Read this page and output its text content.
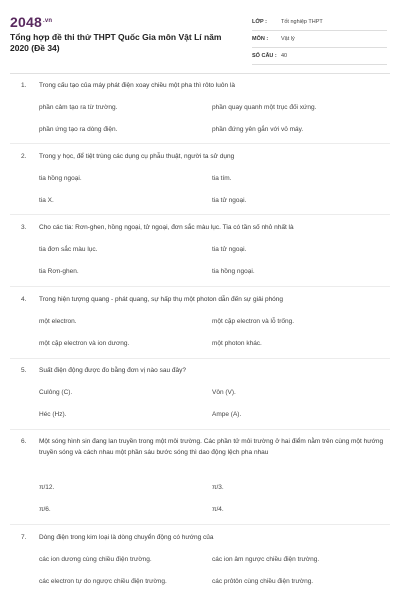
$2048^{.vn}$
Tổng hợp đề thi thử THPT Quốc Gia môn Vật Lí năm 2020 (Đề 34)
LỚP :	Tốt nghiệp THPT
MÔN :	Vật lý
SỐ CÂU : 40
1. Trong cấu tạo của máy phát điện xoay chiều một pha thì rôto luôn là
phần cảm tạo ra từ trường.	phần quay quanh một trục đối xứng.
phần ứng tạo ra dòng điện.	phần đứng yên gắn với vỏ máy.
2. Trong y học, để tiệt trùng các dụng cụ phẫu thuật, người ta sử dụng
tia hồng ngoại.	tia tím.
tia X.	tia tử ngoại.
3. Cho các tia: Rơn-ghen, hồng ngoại, tử ngoại, đơn sắc màu lục. Tia có tần số nhỏ nhất là
tia đơn sắc màu lục.	tia tử ngoại.
tia Rơn-ghen.	tia hồng ngoại.
4. Trong hiện tượng quang - phát quang, sự hấp thụ một photon dẫn đến sự giải phóng
một electron.	một cặp electron và lỗ trống.
một cặp electron và ion dương.	một photon khác.
5. Suất điện động được đo bằng đơn vị nào sau đây?
Culông (C).	Vôn (V).
Héc (Hz).	Ampe (A).
6. Một sóng hình sin đang lan truyền trong một môi trường. Các phần tử môi trường ở hai điểm nằm trên cùng một hướng truyền sóng và cách nhau một phần sáu bước sóng thì dao động lệch pha nhau
π/12.	π/3.
π/6.	π/4.
7. Dòng điện trong kim loại là dòng chuyển động có hướng của
các ion dương cùng chiều điện trường.	các ion âm ngược chiều điện trường.
các electron tự do ngược chiều điện trường.	các prôtôn cùng chiều điện trường.
